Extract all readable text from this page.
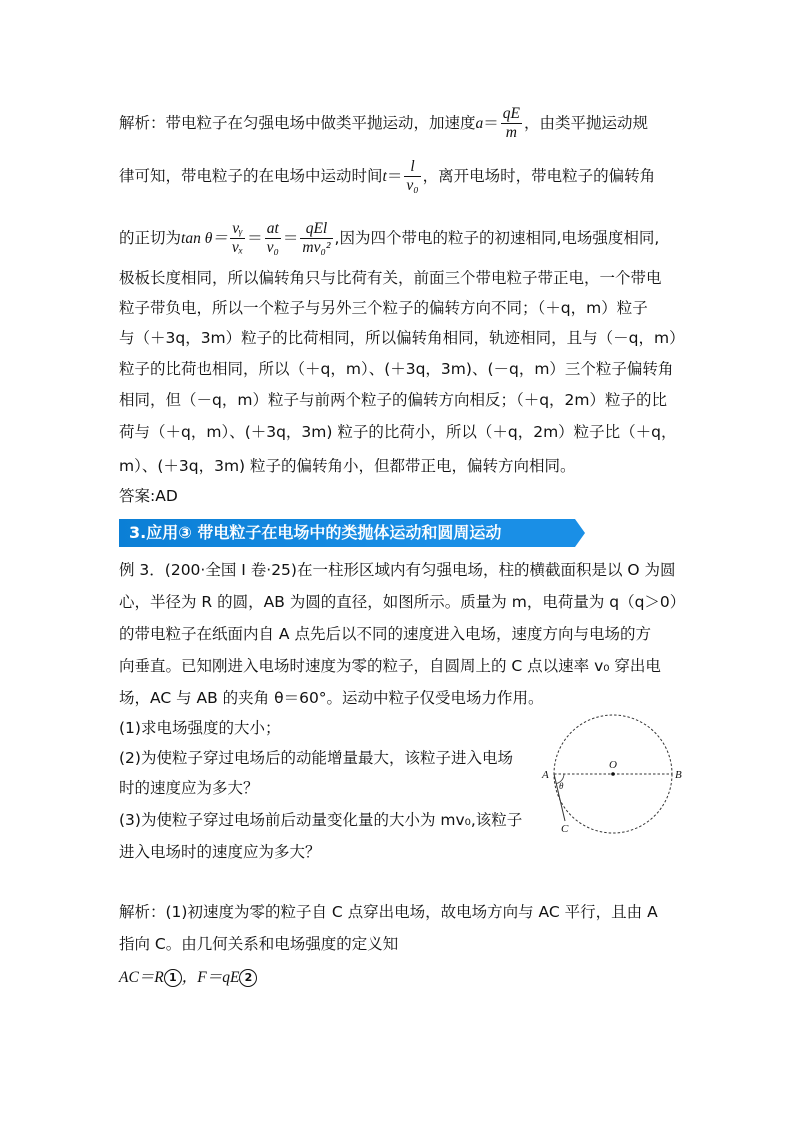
解析：带电粒子在匀强电场中做类平抛运动，加速度$a= \frac{qE}{m}$ ，由类平抛运动规
律可知，带电粒子的在电场中运动时间$t= \frac{l}{\text{v₀}}$ ，离开电场时，带电粒子的偏转角
的正切为$\tan \theta= \frac{\text{vᵧ}}{\text{vₓ}} = \frac{at}{\text{v₀}} = \frac{\text{qEl}}{\text{mv₀²}}$ ,因为四个带电的粒子的初速相同,电场强度相同,
极板长度相同，所以偏转角只与比荷有关，前面三个带电粒子带正电，一个带电
粒子带负电，所以一个粒子与另外三个粒子的偏转方向不同；（＋q，m）粒子
与（＋3q，3m）粒子的比荷相同，所以偏转角相同，轨迹相同，且与（－q，m）
粒子的比荷也相同，所以（＋q，m）、(＋3q，3m)、(－q，m）三个粒子偏转角
相同，但（－q，m）粒子与前两个粒子的偏转方向相反；（＋q，2m）粒子的比
荷与（＋q，m）、(＋3q，3m) 粒子的比荷小，所以（＋q，2m）粒子比（＋q，
m）、(＋3q，3m) 粒子的偏转角小，但都带正电，偏转方向相同。
答案:AD
3.应用③ 带电粒子在电场中的类抛体运动和圆周运动
例 3．(200·全国 I 卷·25)在一柱形区域内有匀强电场，柱的横截面积是以 O 为圆
心，半径为 R 的圆，AB 为圆的直径，如图所示。质量为 m，电荷量为 q（q＞0）
的带电粒子在纸面内自 A 点先后以不同的速度进入电场，速度方向与电场的方
向垂直。已知刚进入电场时速度为零的粒子，自圆周上的 C 点以速率 v₀ 穿出电
场，AC 与 AB 的夹角 θ＝60°。运动中粒子仅受电场力作用。
(1)求电场强度的大小；
(2)为使粒子穿过电场后的动能增量最大，该粒子进入电场
时的速度应为多大？
(3)为使粒子穿过电场前后动量变化量的大小为 mv₀,该粒子
进入电场时的速度应为多大？
解析：(1)初速度为零的粒子自 C 点穿出电场，故电场方向与 AC 平行，且由 A
指向 C。由几何关系和电场强度的定义知
AC＝R 1 ，F＝qE 2
A	B
O
C
θ
